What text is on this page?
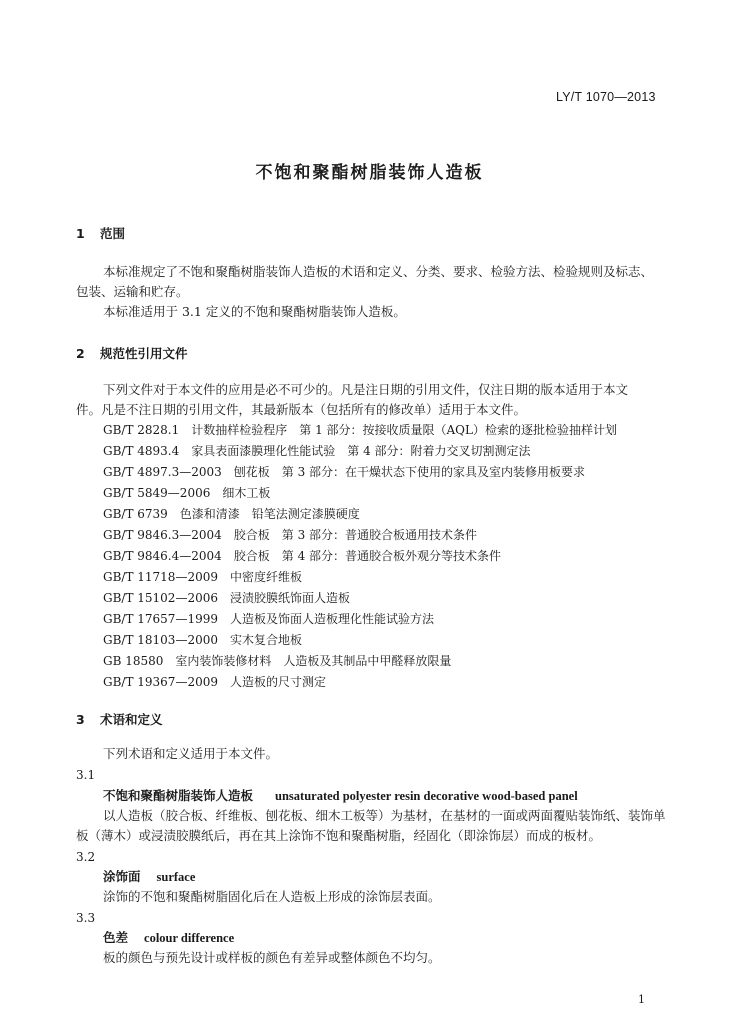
LY/T 1070—2013
不饱和聚酯树脂装饰人造板
1 范围
本标准规定了不饱和聚酯树脂装饰人造板的术语和定义、分类、要求、检验方法、检验规则及标志、
包装、运输和贮存。
本标准适用于 3.1 定义的不饱和聚酯树脂装饰人造板。
2 规范性引用文件
下列文件对于本文件的应用是必不可少的。凡是注日期的引用文件，仅注日期的版本适用于本文
件。凡是不注日期的引用文件，其最新版本（包括所有的修改单）适用于本文件。
GB/T 2828.1　计数抽样检验程序　第 1 部分：按接收质量限（AQL）检索的逐批检验抽样计划
GB/T 4893.4　家具表面漆膜理化性能试验　第 4 部分：附着力交叉切割测定法
GB/T 4897.3—2003　刨花板　第 3 部分：在干燥状态下使用的家具及室内装修用板要求
GB/T 5849—2006　细木工板
GB/T 6739　色漆和清漆　铅笔法测定漆膜硬度
GB/T 9846.3—2004　胶合板　第 3 部分：普通胶合板通用技术条件
GB/T 9846.4—2004　胶合板　第 4 部分：普通胶合板外观分等技术条件
GB/T 11718—2009　中密度纤维板
GB/T 15102—2006　浸渍胶膜纸饰面人造板
GB/T 17657—1999　人造板及饰面人造板理化性能试验方法
GB/T 18103—2000　实木复合地板
GB 18580　室内装饰装修材料　人造板及其制品中甲醛释放限量
GB/T 19367—2009　人造板的尺寸测定
3 术语和定义
下列术语和定义适用于本文件。
3.1
不饱和聚酯树脂装饰人造板 unsaturated polyester resin decorative wood-based panel
以人造板（胶合板、纤维板、刨花板、细木工板等）为基材，在基材的一面或两面覆贴装饰纸、装饰单
板（薄木）或浸渍胶膜纸后，再在其上涂饰不饱和聚酯树脂，经固化（即涂饰层）而成的板材。
3.2
涂饰面 surface
涂饰的不饱和聚酯树脂固化后在人造板上形成的涂饰层表面。
3.3
色差 colour difference
板的颜色与预先设计或样板的颜色有差异或整体颜色不均匀。
1
